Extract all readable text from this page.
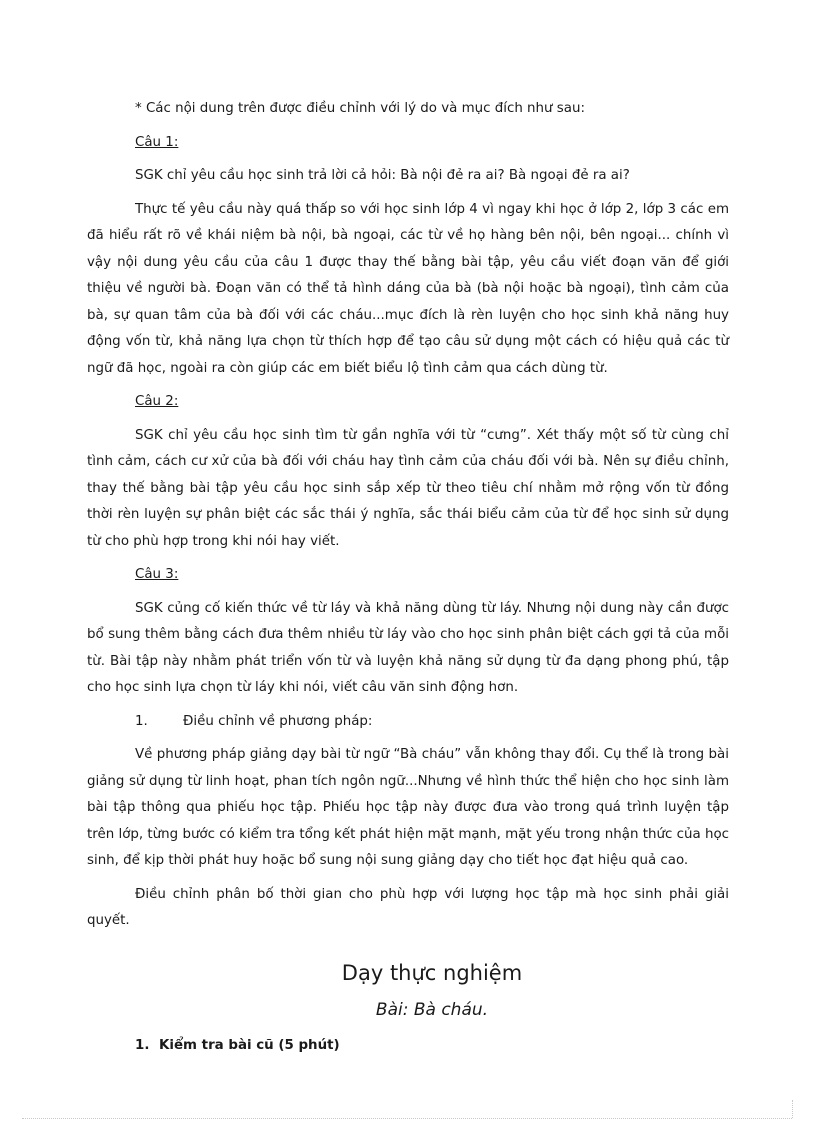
* Các nội dung trên được điều chỉnh với lý do và mục đích như sau:

Câu 1:

SGK chỉ yêu cầu học sinh trả lời cả hỏi: Bà nội đẻ ra ai? Bà ngoại đẻ ra ai?

Thực tế yêu cầu này quá thấp so với học sinh lớp 4 vì ngay khi học ở lớp 2, lớp 3 các em đã hiểu rất rõ về khái niệm bà nội, bà ngoại, các từ về họ hàng bên nội, bên ngoại... chính vì vậy nội dung yêu cầu của câu 1 được thay thế bằng bài tập, yêu cầu viết đoạn văn để giới thiệu về người bà. Đoạn văn có thể tả hình dáng của bà (bà nội hoặc bà ngoại), tình cảm của bà, sự quan tâm của bà đối với các cháu...mục đích là rèn luyện cho học sinh khả năng huy động vốn từ, khả năng lựa chọn từ thích hợp để tạo câu sử dụng một cách có hiệu quả các từ ngữ đã học, ngoài ra còn giúp các em biết biểu lộ tình cảm qua cách dùng từ.

Câu 2:

SGK chỉ yêu cầu học sinh tìm từ gần nghĩa với từ “cưng”. Xét thấy một số từ cùng chỉ tình cảm, cách cư xử của bà đối với cháu hay tình cảm của cháu đối với bà. Nên sự điều chỉnh, thay thế bằng bài tập yêu cầu học sinh sắp xếp từ theo tiêu chí nhằm mở rộng vốn từ đồng thời rèn luyện sự phân biệt các sắc thái ý nghĩa, sắc thái biểu cảm của từ để học sinh sử dụng từ cho phù hợp trong khi nói hay viết.

Câu 3:

SGK củng cố kiến thức về từ láy và khả năng dùng từ láy. Nhưng nội dung này cần được bổ sung thêm bằng cách đưa thêm nhiều từ láy vào cho học sinh phân biệt cách gợi tả của mỗi từ. Bài tập này nhằm phát triển vốn từ và luyện khả năng sử dụng từ đa dạng phong phú, tập cho học sinh lựa chọn từ láy khi nói, viết câu văn sinh động hơn.

1.	Điều chỉnh về phương pháp:

Về phương pháp giảng dạy bài từ ngữ “Bà cháu” vẫn không thay đổi. Cụ thể là trong bài giảng sử dụng từ linh hoạt, phan tích ngôn ngữ...Nhưng về hình thức thể hiện cho học sinh làm bài tập thông qua phiếu học tập. Phiếu học tập này được đưa vào trong quá trình luyện tập trên lớp, từng bước có kiểm tra tổng kết phát hiện mặt mạnh, mặt yếu trong nhận thức của học sinh, để kịp thời phát huy hoặc bổ sung nội sung giảng dạy cho tiết học đạt hiệu quả cao.

Điều chỉnh phân bố thời gian cho phù hợp với lượng học tập mà học sinh phải giải quyết.

Dạy thực nghiệm

Bài: Bà cháu.

1. Kiểm tra bài cũ (5 phút)
